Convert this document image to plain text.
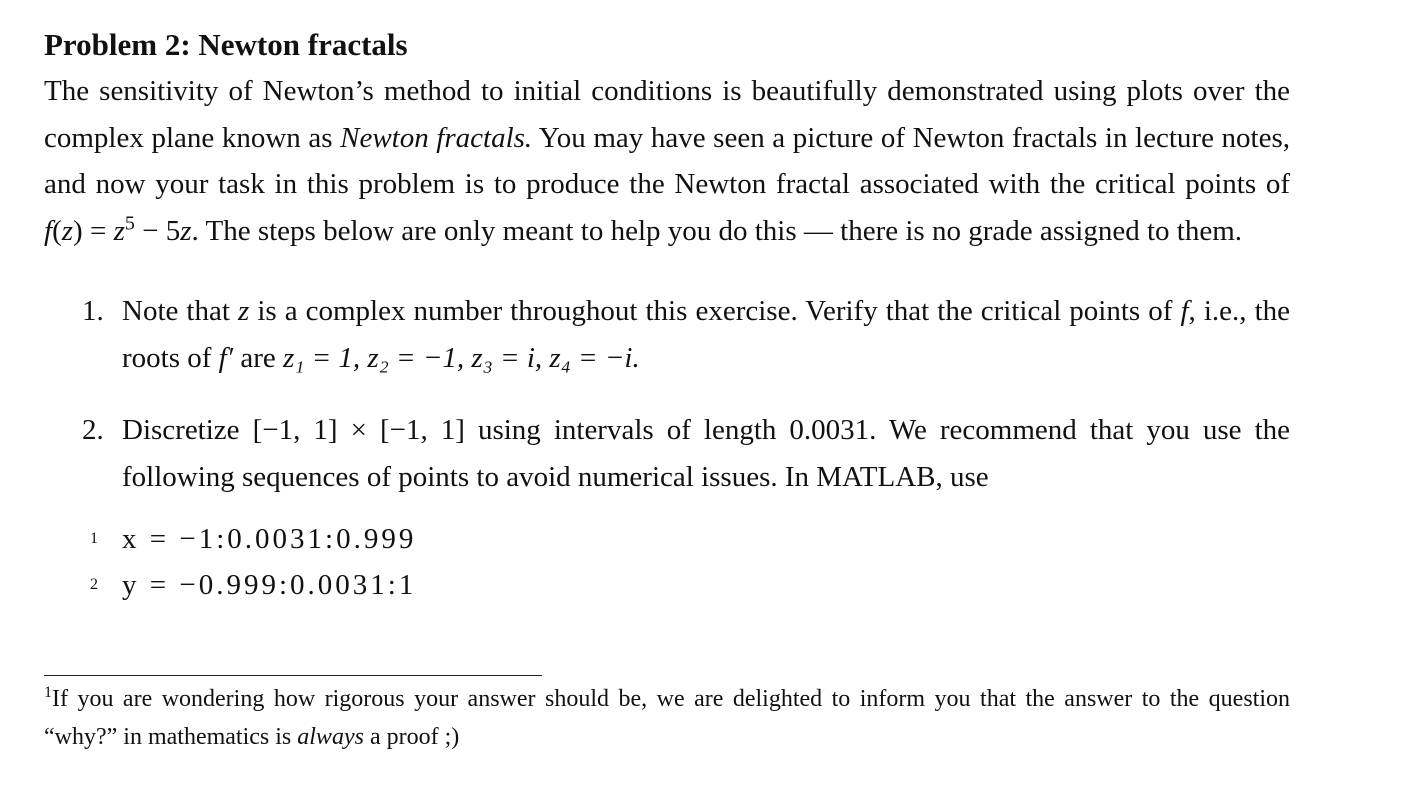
Problem 2: Newton fractals

The sensitivity of Newton’s method to initial conditions is beautifully demonstrated using plots over the complex plane known as Newton fractals. You may have seen a picture of Newton fractals in lecture notes, and now your task in this problem is to produce the Newton fractal associated with the critical points of $f(z) = z^5 - 5z$. The steps below are only meant to help you do this — there is no grade assigned to them.

1. Note that z is a complex number throughout this exercise. Verify that the critical points of f, i.e., the roots of f′ are z₁ = 1, z₂ = −1, z₃ = i, z₄ = −i.
2. Discretize [−1, 1] × [−1, 1] using intervals of length 0.0031. We recommend that you use the following sequences of points to avoid numerical issues. In MATLAB, use
1 x = −1:0.0031:0.999
2 y = −0.999:0.0031:1
$^1$If you are wondering how rigorous your answer should be, we are delighted to inform you that the answer to the question “why?” in mathematics is always a proof ;)
